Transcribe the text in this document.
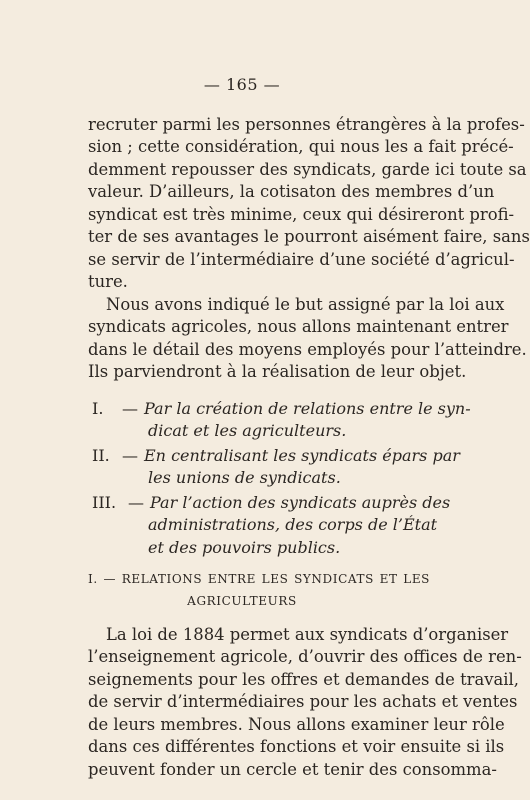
— 165 —
recruter parmi les personnes étrangères à la profes-
sion ; cette considération, qui nous les a fait précé-
demment repousser des syndicats, garde ici toute sa
valeur. D’ailleurs, la cotisaton des membres d’un
syndicat est très minime, ceux qui désireront profi-
ter de ses avantages le pourront aisément faire, sans
se servir de l’intermédiaire d’une société d’agricul-
ture.
Nous avons indiqué le but assigné par la loi aux
syndicats agricoles, nous allons maintenant entrer
dans le détail des moyens employés pour l’atteindre.
Ils parviendront à la réalisation de leur objet.
I. — Par la création de relations entre le syn-
dicat et les agriculteurs.
II. — En centralisant les syndicats épars par
les unions de syndicats.
III. — Par l’action des syndicats auprès des
administrations, des corps de l’État
et des pouvoirs publics.
I. — RELATIONS ENTRE LES SYNDICATS ET LES
AGRICULTEURS
La loi de 1884 permet aux syndicats d’organiser
l’enseignement agricole, d’ouvrir des offices de ren-
seignements pour les offres et demandes de travail,
de servir d’intermédiaires pour les achats et ventes
de leurs membres. Nous allons examiner leur rôle
dans ces différentes fonctions et voir ensuite si ils
peuvent fonder un cercle et tenir des consomma-
